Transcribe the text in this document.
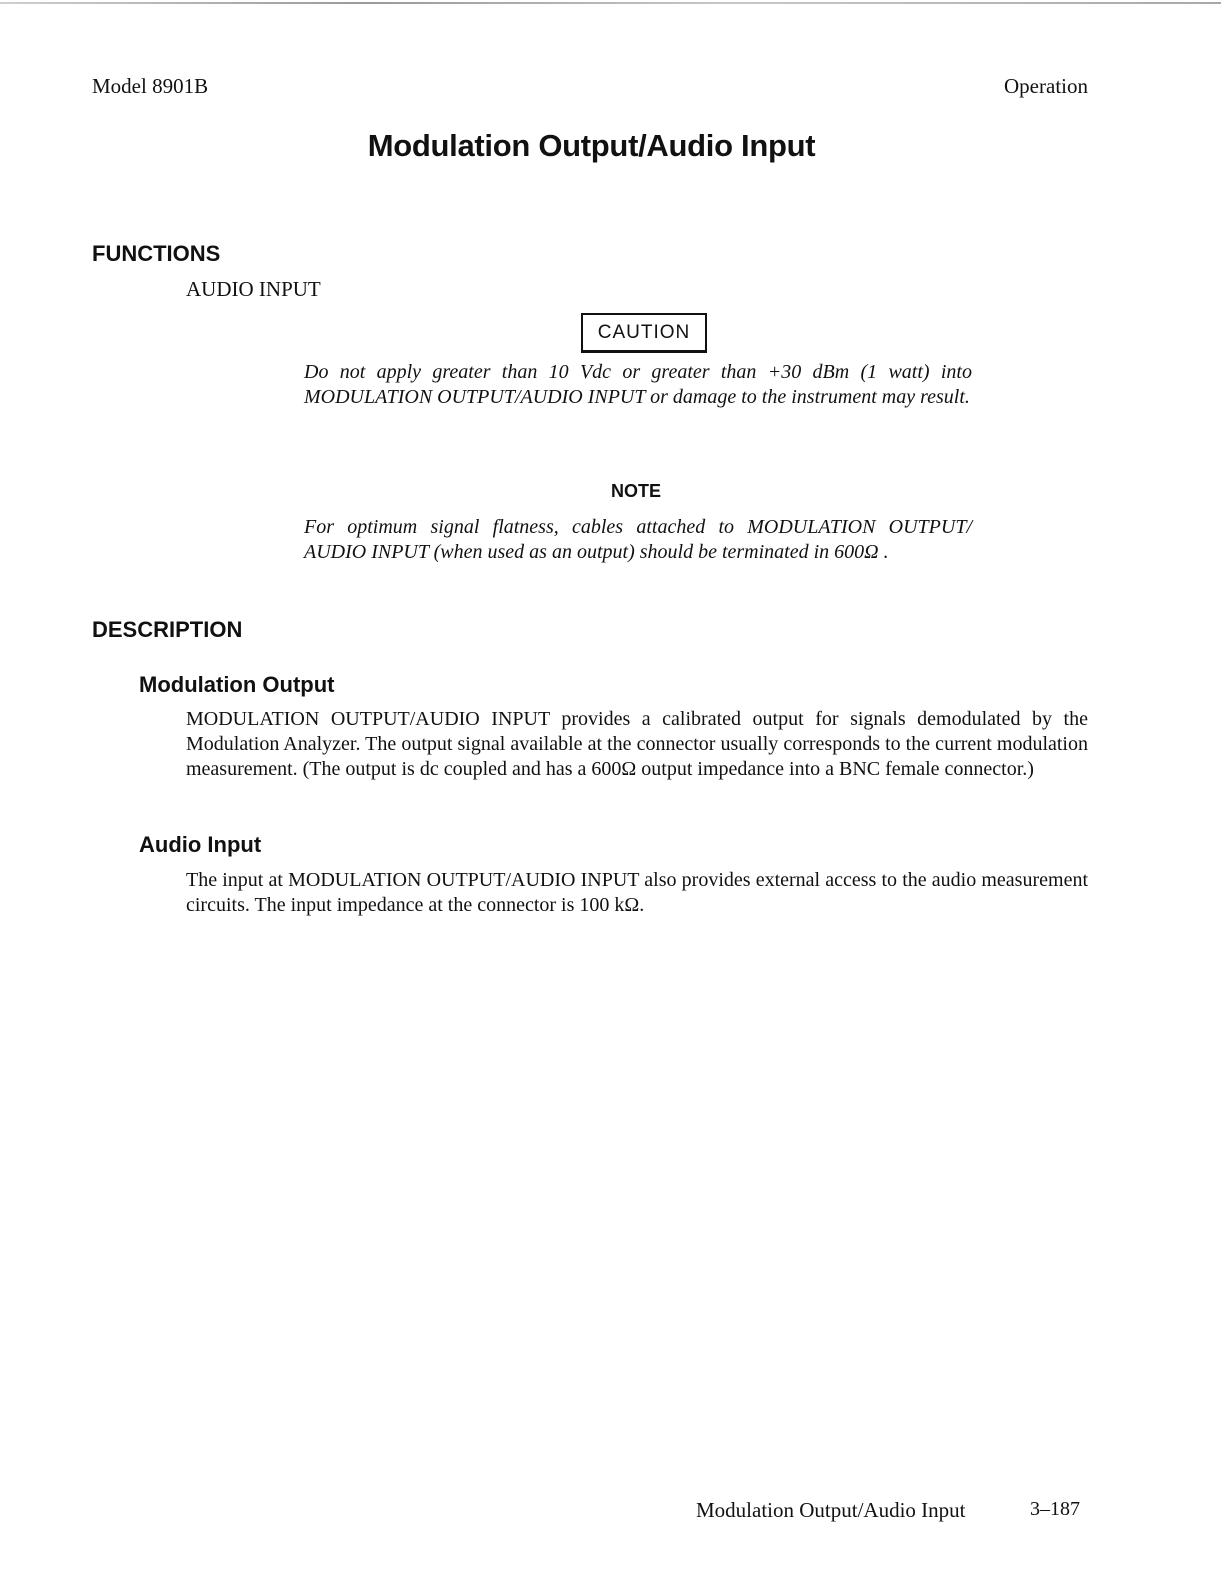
Model 8901B	Operation
Modulation Output/Audio Input
FUNCTIONS
AUDIO INPUT
CAUTION
Do not apply greater than 10 Vdc or greater than +30 dBm (1 watt) into MODULATION OUTPUT/AUDIO INPUT or damage to the instrument may result.
NOTE
For optimum signal flatness, cables attached to MODULATION OUTPUT/ AUDIO INPUT (when used as an output) should be terminated in 600Ω .
DESCRIPTION
Modulation Output
MODULATION OUTPUT/AUDIO INPUT provides a calibrated output for signals demodulated by the Modulation Analyzer. The output signal available at the connector usually corresponds to the current modulation measurement. (The output is dc coupled and has a 600Ω output impedance into a BNC female connector.)
Audio Input
The input at MODULATION OUTPUT/AUDIO INPUT also provides external access to the audio measurement circuits. The input impedance at the connector is 100 kΩ.
Modulation Output/Audio Input	3–187
